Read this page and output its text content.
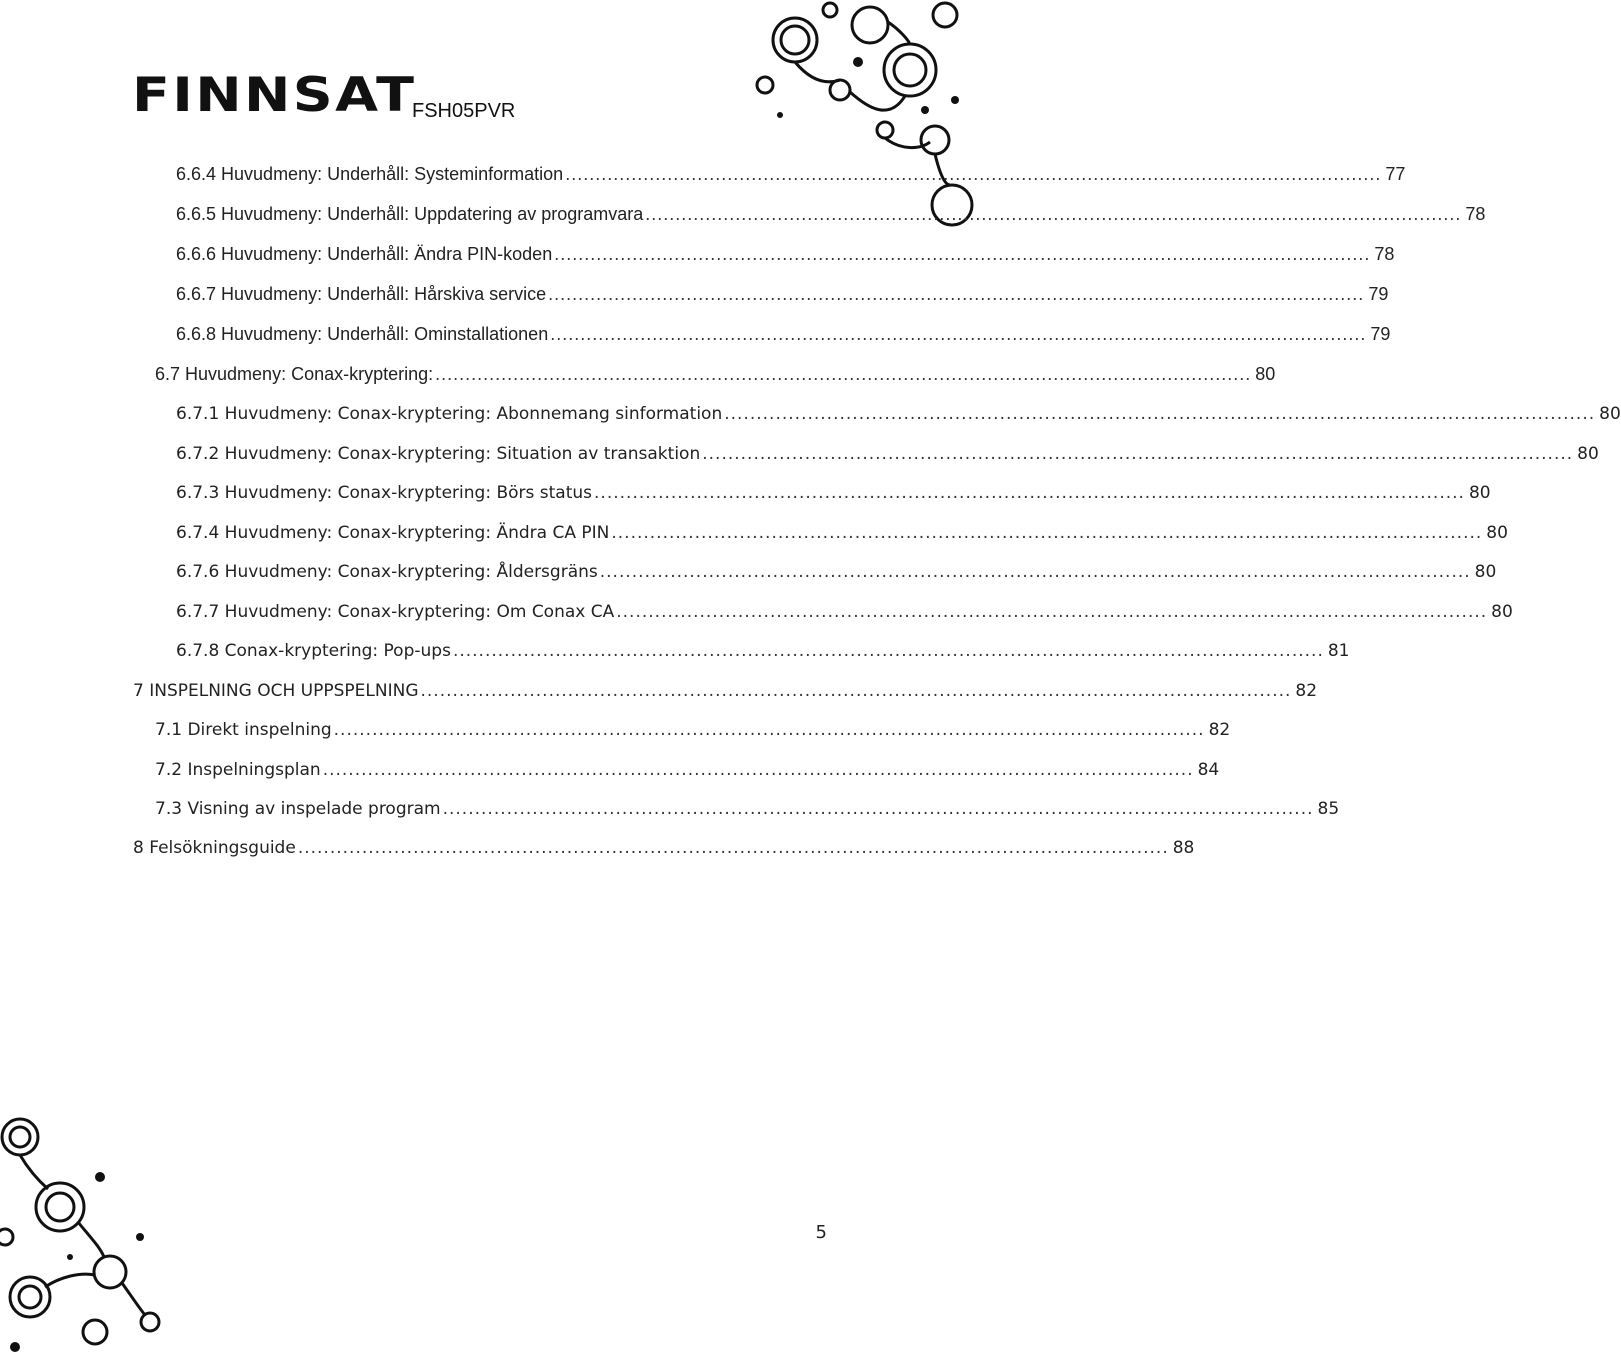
FINNSAT
FSH05PVR
6.6.4 Huvudmeny: Underhåll: Systeminformation ........................................................................................................................................ 77
6.6.5 Huvudmeny: Underhåll: Uppdatering av programvara ........................................................................................................................................ 78
6.6.6 Huvudmeny: Underhåll: Ändra PIN-koden ........................................................................................................................................ 78
6.6.7 Huvudmeny: Underhåll: Hårskiva service ........................................................................................................................................ 79
6.6.8 Huvudmeny: Underhåll: Ominstallationen ........................................................................................................................................ 79
6.7 Huvudmeny: Conax-kryptering: ........................................................................................................................................ 80
6.7.1 Huvudmeny: Conax-kryptering: Abonnemang sinformation ........................................................................................................................................ 80
6.7.2 Huvudmeny: Conax-kryptering: Situation av transaktion ........................................................................................................................................ 80
6.7.3 Huvudmeny: Conax-kryptering: Börs status ........................................................................................................................................ 80
6.7.4 Huvudmeny: Conax-kryptering: Ändra CA PIN ........................................................................................................................................ 80
6.7.6 Huvudmeny: Conax-kryptering: Åldersgräns ........................................................................................................................................ 80
6.7.7 Huvudmeny: Conax-kryptering: Om Conax CA ........................................................................................................................................ 80
6.7.8 Conax-kryptering: Pop-ups ........................................................................................................................................ 81
7 INSPELNING OCH UPPSPELNING ........................................................................................................................................ 82
7.1 Direkt inspelning ........................................................................................................................................ 82
7.2 Inspelningsplan ........................................................................................................................................ 84
7.3 Visning av inspelade program ........................................................................................................................................ 85
8 Felsökningsguide ........................................................................................................................................ 88
5
